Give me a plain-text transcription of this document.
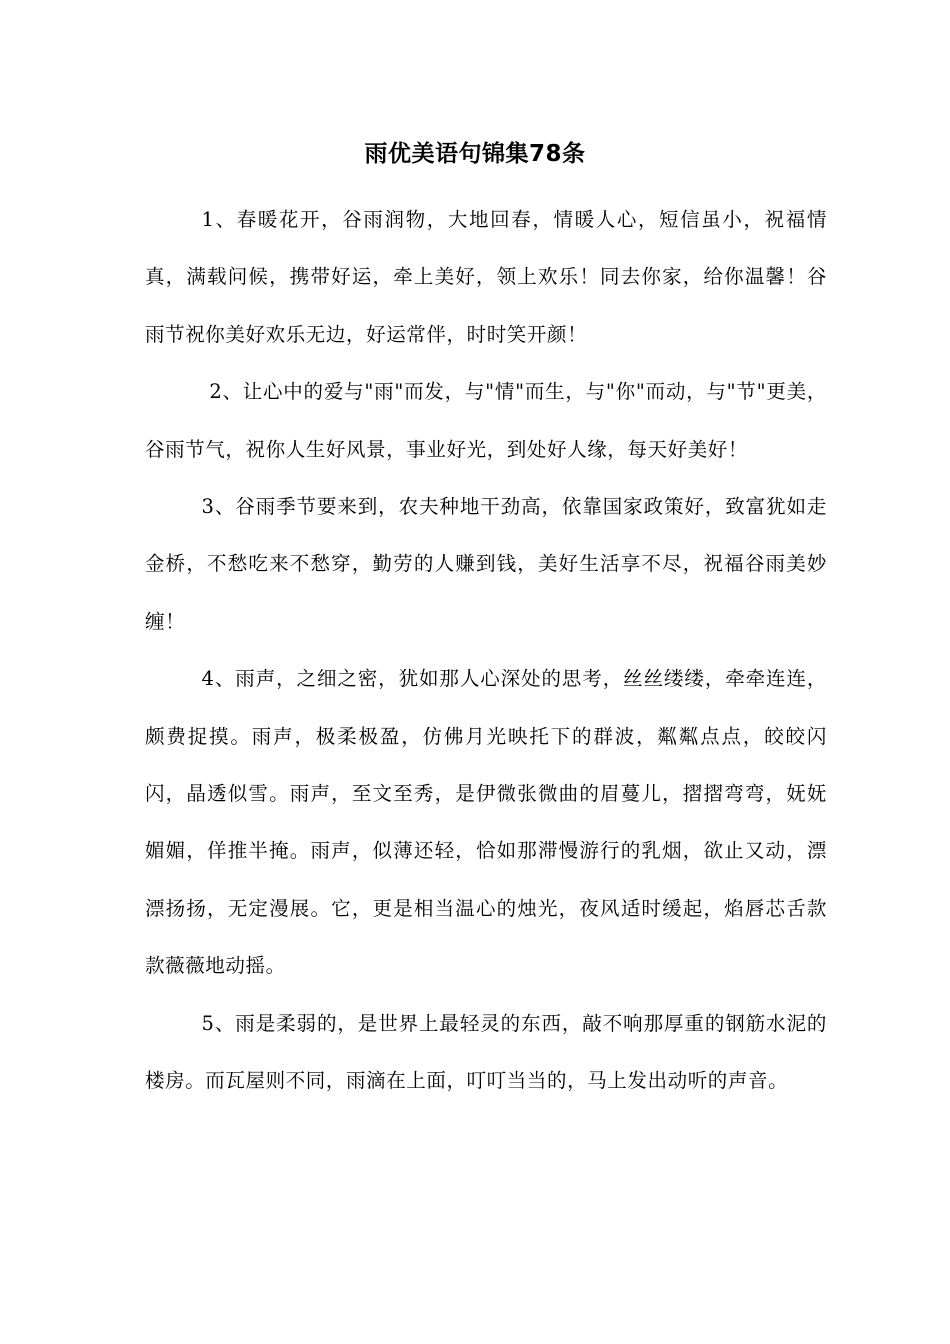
雨优美语句锦集78条

1、春暖花开，谷雨润物，大地回春，情暖人心，短信虽小，祝福情真，满载问候，携带好运，牵上美好，领上欢乐！同去你家，给你温馨！谷雨节祝你美好欢乐无边，好运常伴，时时笑开颜！

2、让心中的爱与"雨"而发，与"情"而生，与"你"而动，与"节"更美，谷雨节气，祝你人生好风景，事业好光，到处好人缘，每天好美好！

3、谷雨季节要来到，农夫种地干劲高，依靠国家政策好，致富犹如走金桥，不愁吃来不愁穿，勤劳的人赚到钱，美好生活享不尽，祝福谷雨美妙缠！

4、雨声，之细之密，犹如那人心深处的思考，丝丝缕缕，牵牵连连，颇费捉摸。雨声，极柔极盈，仿佛月光映托下的群波，粼粼点点，皎皎闪闪，晶透似雪。雨声，至文至秀，是伊微张微曲的眉蔓儿，摺摺弯弯，妩妩媚媚，佯推半掩。雨声，似薄还轻，恰如那滞慢游行的乳烟，欲止又动，漂漂扬扬，无定漫展。它，更是相当温心的烛光，夜风适时缓起，焰唇芯舌款款薇薇地动摇。

5、雨是柔弱的，是世界上最轻灵的东西，敲不响那厚重的钢筋水泥的楼房。而瓦屋则不同，雨滴在上面，叮叮当当的，马上发出动听的声音。
